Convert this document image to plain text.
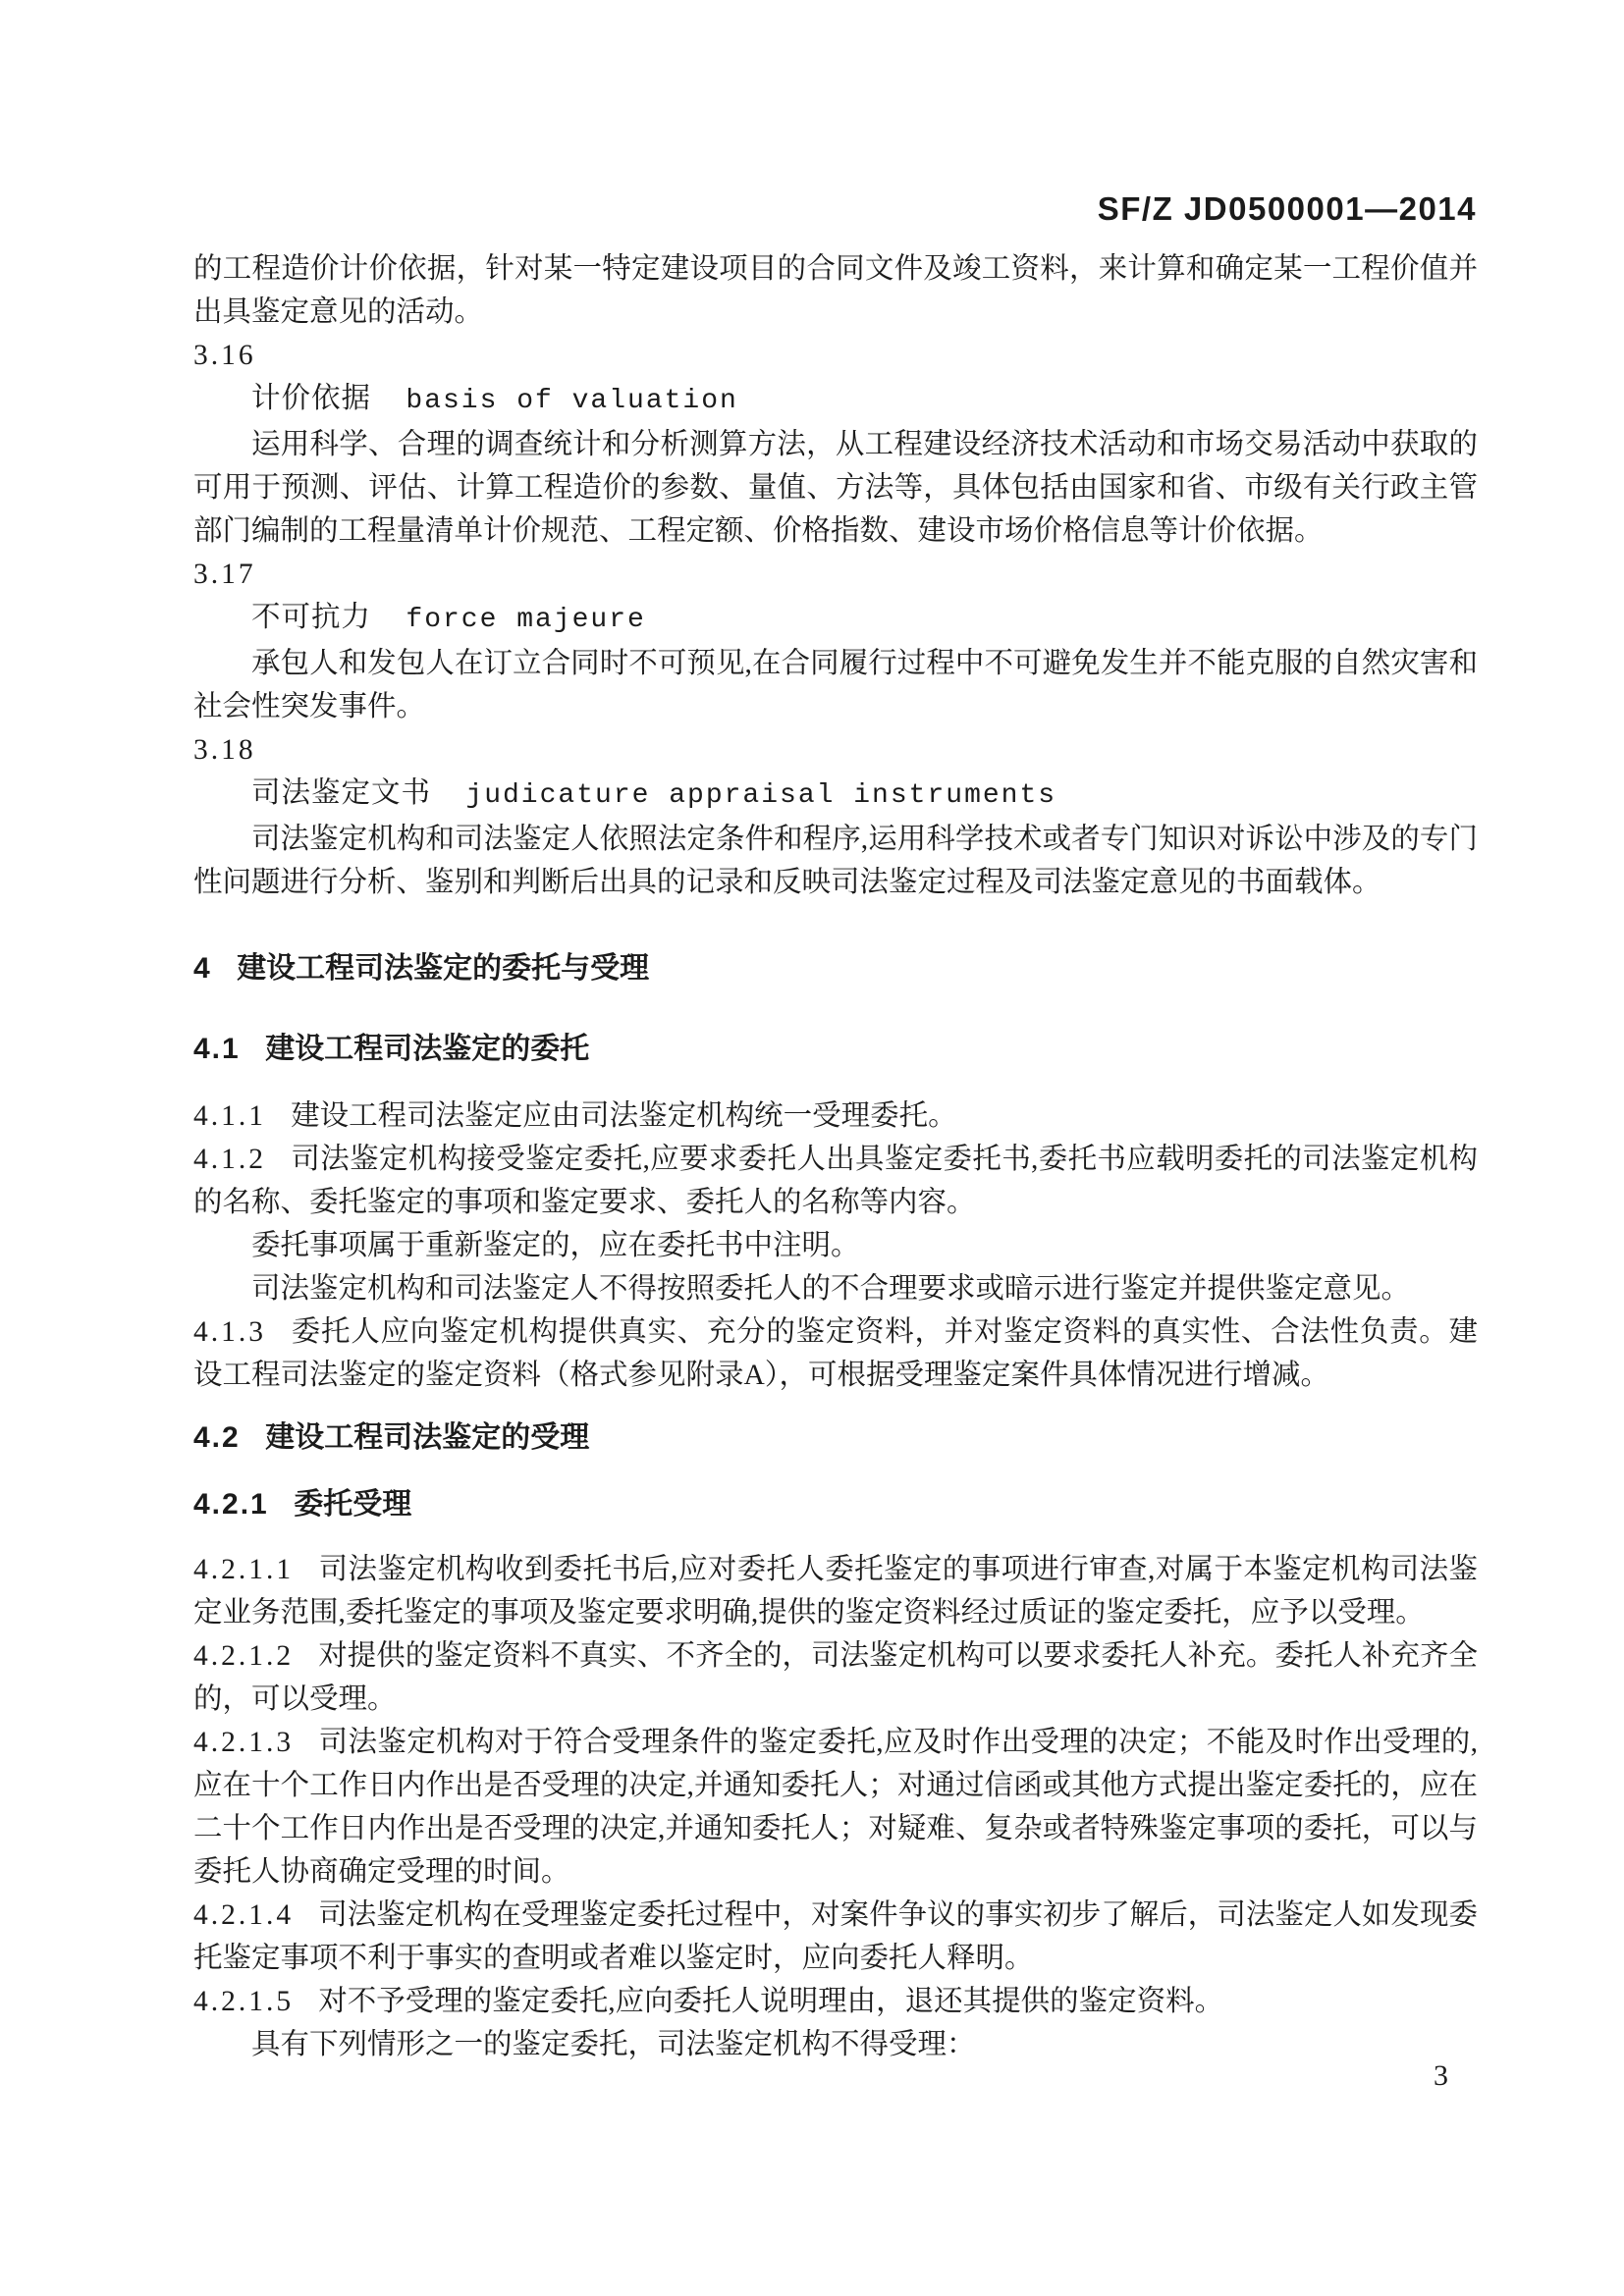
SF/Z JD0500001—2014

的工程造价计价依据，针对某一特定建设项目的合同文件及竣工资料，来计算和确定某一工程价值并出具鉴定意见的活动。

3.16

计价依据 basis of valuation

运用科学、合理的调查统计和分析测算方法，从工程建设经济技术活动和市场交易活动中获取的可用于预测、评估、计算工程造价的参数、量值、方法等，具体包括由国家和省、市级有关行政主管部门编制的工程量清单计价规范、工程定额、价格指数、建设市场价格信息等计价依据。

3.17

不可抗力 force majeure

承包人和发包人在订立合同时不可预见,在合同履行过程中不可避免发生并不能克服的自然灾害和社会性突发事件。

3.18

司法鉴定文书 judicature appraisal instruments

司法鉴定机构和司法鉴定人依照法定条件和程序,运用科学技术或者专门知识对诉讼中涉及的专门性问题进行分析、鉴别和判断后出具的记录和反映司法鉴定过程及司法鉴定意见的书面载体。

4 建设工程司法鉴定的委托与受理
4.1 建设工程司法鉴定的委托

4.1.1 建设工程司法鉴定应由司法鉴定机构统一受理委托。

4.1.2 司法鉴定机构接受鉴定委托,应要求委托人出具鉴定委托书,委托书应载明委托的司法鉴定机构的名称、委托鉴定的事项和鉴定要求、委托人的名称等内容。

委托事项属于重新鉴定的，应在委托书中注明。

司法鉴定机构和司法鉴定人不得按照委托人的不合理要求或暗示进行鉴定并提供鉴定意见。

4.1.3 委托人应向鉴定机构提供真实、充分的鉴定资料，并对鉴定资料的真实性、合法性负责。建设工程司法鉴定的鉴定资料（格式参见附录A），可根据受理鉴定案件具体情况进行增减。

4.2 建设工程司法鉴定的受理
4.2.1 委托受理

4.2.1.1 司法鉴定机构收到委托书后,应对委托人委托鉴定的事项进行审查,对属于本鉴定机构司法鉴定业务范围,委托鉴定的事项及鉴定要求明确,提供的鉴定资料经过质证的鉴定委托，应予以受理。

4.2.1.2 对提供的鉴定资料不真实、不齐全的，司法鉴定机构可以要求委托人补充。委托人补充齐全的，可以受理。

4.2.1.3 司法鉴定机构对于符合受理条件的鉴定委托,应及时作出受理的决定；不能及时作出受理的,应在十个工作日内作出是否受理的决定,并通知委托人；对通过信函或其他方式提出鉴定委托的，应在二十个工作日内作出是否受理的决定,并通知委托人；对疑难、复杂或者特殊鉴定事项的委托，可以与委托人协商确定受理的时间。

4.2.1.4 司法鉴定机构在受理鉴定委托过程中，对案件争议的事实初步了解后，司法鉴定人如发现委托鉴定事项不利于事实的查明或者难以鉴定时，应向委托人释明。

4.2.1.5 对不予受理的鉴定委托,应向委托人说明理由，退还其提供的鉴定资料。

具有下列情形之一的鉴定委托，司法鉴定机构不得受理：

3
